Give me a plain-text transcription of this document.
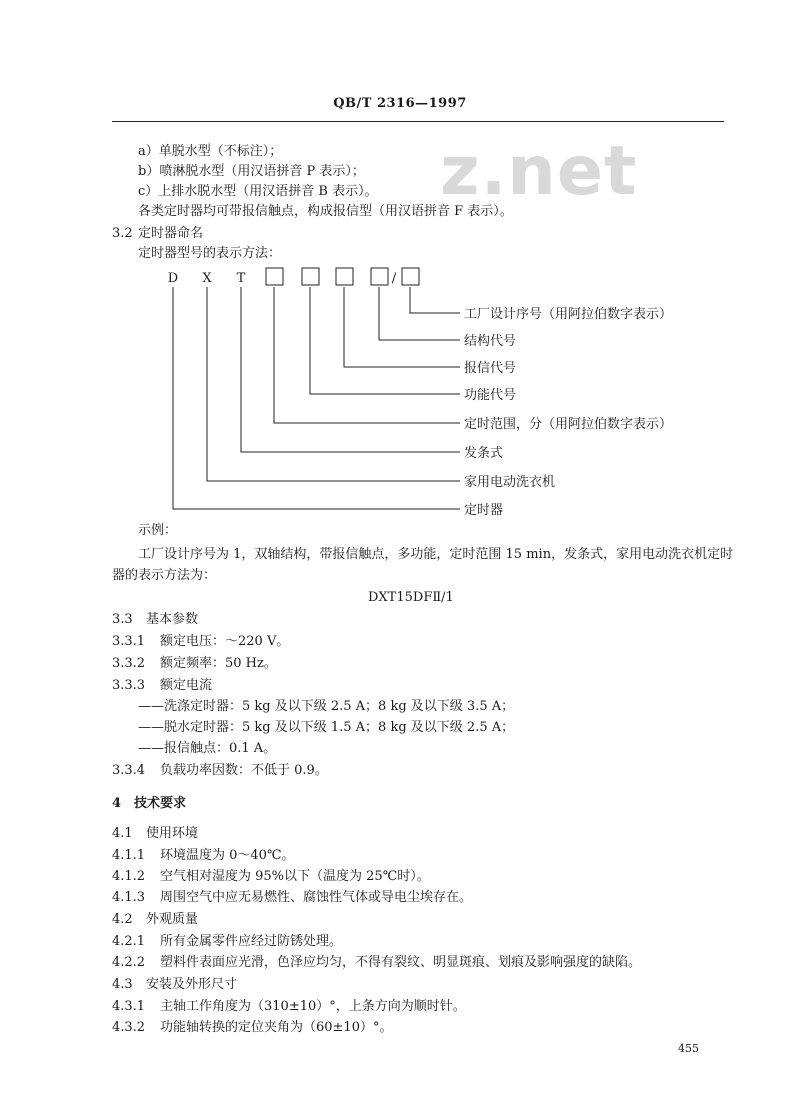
QB/T 2316—1997
z.net
a）单脱水型（不标注）；
b）喷淋脱水型（用汉语拼音 P 表示）；
c）上排水脱水型（用汉语拼音 B 表示）。
各类定时器均可带报信触点，构成报信型（用汉语拼音 F 表示）。
3.2 定时器命名
定时器型号的表示方法：
D X T	/
工厂设计序号（用阿拉伯数字表示）
结构代号
报信代号
功能代号
定时范围，分（用阿拉伯数字表示）
发条式
家用电动洗衣机
定时器
示例：
工厂设计序号为 1，双轴结构，带报信触点，多功能，定时范围 15 min，发条式，家用电动洗衣机定时
器的表示方法为：
DXT15DFⅡ/1
3.3 基本参数
3.3.1 额定电压：～220 V。
3.3.2 额定频率：50 Hz。
3.3.3 额定电流
——洗涤定时器：5 kg 及以下级 2.5 A；8 kg 及以下级 3.5 A；
——脱水定时器：5 kg 及以下级 1.5 A；8 kg 及以下级 2.5 A；
——报信触点：0.1 A。
3.3.4 负载功率因数：不低于 0.9。
4 技术要求
4.1 使用环境
4.1.1 环境温度为 0～40℃。
4.1.2 空气相对湿度为 95%以下（温度为 25℃时）。
4.1.3 周围空气中应无易燃性、腐蚀性气体或导电尘埃存在。
4.2 外观质量
4.2.1 所有金属零件应经过防锈处理。
4.2.2 塑料件表面应光滑，色泽应均匀，不得有裂纹、明显斑痕、划痕及影响强度的缺陷。
4.3 安装及外形尺寸
4.3.1 主轴工作角度为（310±10）°，上条方向为顺时针。
4.3.2 功能轴转换的定位夹角为（60±10）°。
455
